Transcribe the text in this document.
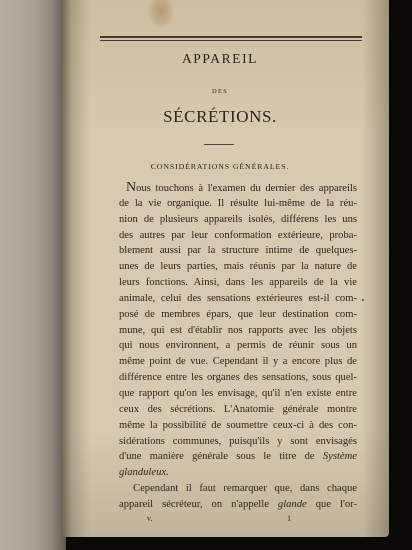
APPAREIL
DES
SÉCRÉTIONS.
CONSIDÉRATIONS GÉNÉRALES.
Nous touchons à l'examen du dernier des appareils
de la vie organique. Il résulte lui-même de la réu-
nion de plusieurs appareils isolés, différens les uns
des autres par leur conformation extérieure, proba-
blement aussi par la structure intime de quelques-
unes de leurs parties, mais réunis par la nature de
leurs fonctions. Ainsi, dans les appareils de la vie
animale, celui des sensations extérieures est-il com-
posé de membres épars, que leur destination com-
mune, qui est d'établir nos rapports avec les objets
qui nous environnent, a permis de réunir sous un
même point de vue. Cependant il y a encore plus de
différence entre les organes des sensations, sous quel-
que rapport qu'on les envisage, qu'il n'en existe entre
ceux des sécrétions. L'Anatomie générale montre
même la possibilité de soumettre ceux-ci à des con-
sidérations communes, puisqu'ils y sont envisagés
d'une manière générale sous le titre de Système
glanduleux.
Cependant il faut remarquer que, dans chaque
appareil sécréteur, on n'appelle glande que l'or-
v.	1
